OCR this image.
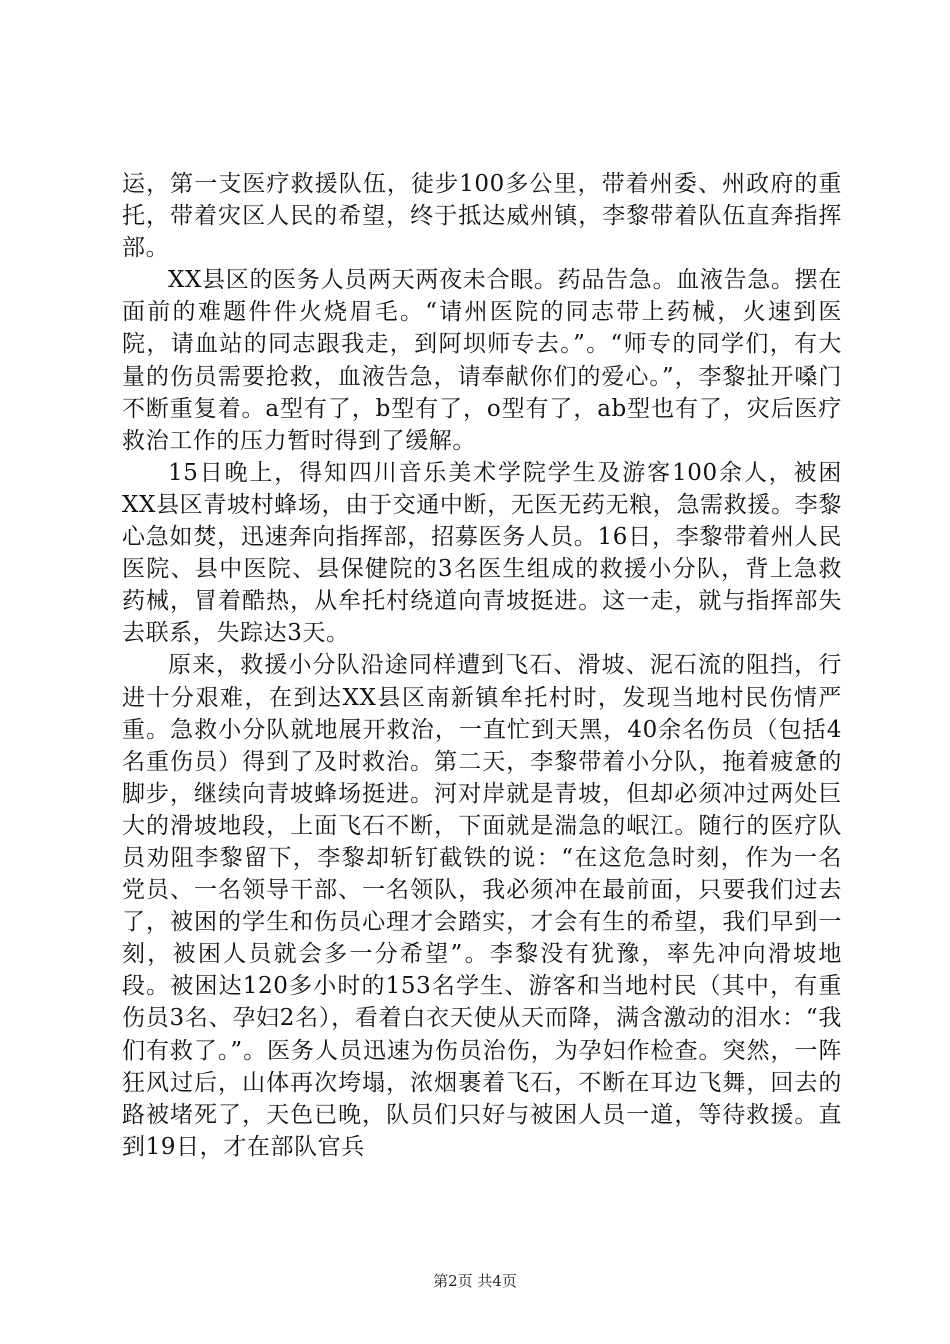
运，第一支医疗救援队伍，徒步100多公里，带着州委、州政府的重托，带着灾区人民的希望，终于抵达威州镇，李黎带着队伍直奔指挥部。

XX县区的医务人员两天两夜未合眼。药品告急。血液告急。摆在面前的难题件件火烧眉毛。“请州医院的同志带上药械，火速到医院，请血站的同志跟我走，到阿坝师专去。”。“师专的同学们，有大量的伤员需要抢救，血液告急，请奉献你们的爱心。”，李黎扯开嗓门不断重复着。a型有了，b型有了，o型有了，ab型也有了，灾后医疗救治工作的压力暂时得到了缓解。

15日晚上，得知四川音乐美术学院学生及游客100余人，被困XX县区青坡村蜂场，由于交通中断，无医无药无粮，急需救援。李黎心急如焚，迅速奔向指挥部，招募医务人员。16日，李黎带着州人民医院、县中医院、县保健院的3名医生组成的救援小分队，背上急救药械，冒着酷热，从牟托村绕道向青坡挺进。这一走，就与指挥部失去联系，失踪达3天。

原来，救援小分队沿途同样遭到飞石、滑坡、泥石流的阻挡，行进十分艰难，在到达XX县区南新镇牟托村时，发现当地村民伤情严重。急救小分队就地展开救治，一直忙到天黑，40余名伤员（包括4名重伤员）得到了及时救治。第二天，李黎带着小分队，拖着疲惫的脚步，继续向青坡蜂场挺进。河对岸就是青坡，但却必须冲过两处巨大的滑坡地段，上面飞石不断，下面就是湍急的岷江。随行的医疗队员劝阻李黎留下，李黎却斩钉截铁的说：“在这危急时刻，作为一名党员、一名领导干部、一名领队，我必须冲在最前面，只要我们过去了，被困的学生和伤员心理才会踏实，才会有生的希望，我们早到一刻，被困人员就会多一分希望”。李黎没有犹豫，率先冲向滑坡地段。被困达120多小时的153名学生、游客和当地村民（其中，有重伤员3名、孕妇2名），看着白衣天使从天而降，满含激动的泪水：“我们有救了。”。医务人员迅速为伤员治伤，为孕妇作检查。突然，一阵狂风过后，山体再次垮塌，浓烟裹着飞石，不断在耳边飞舞，回去的路被堵死了，天色已晚，队员们只好与被困人员一道，等待救援。直到19日，才在部队官兵

第2页 共4页
